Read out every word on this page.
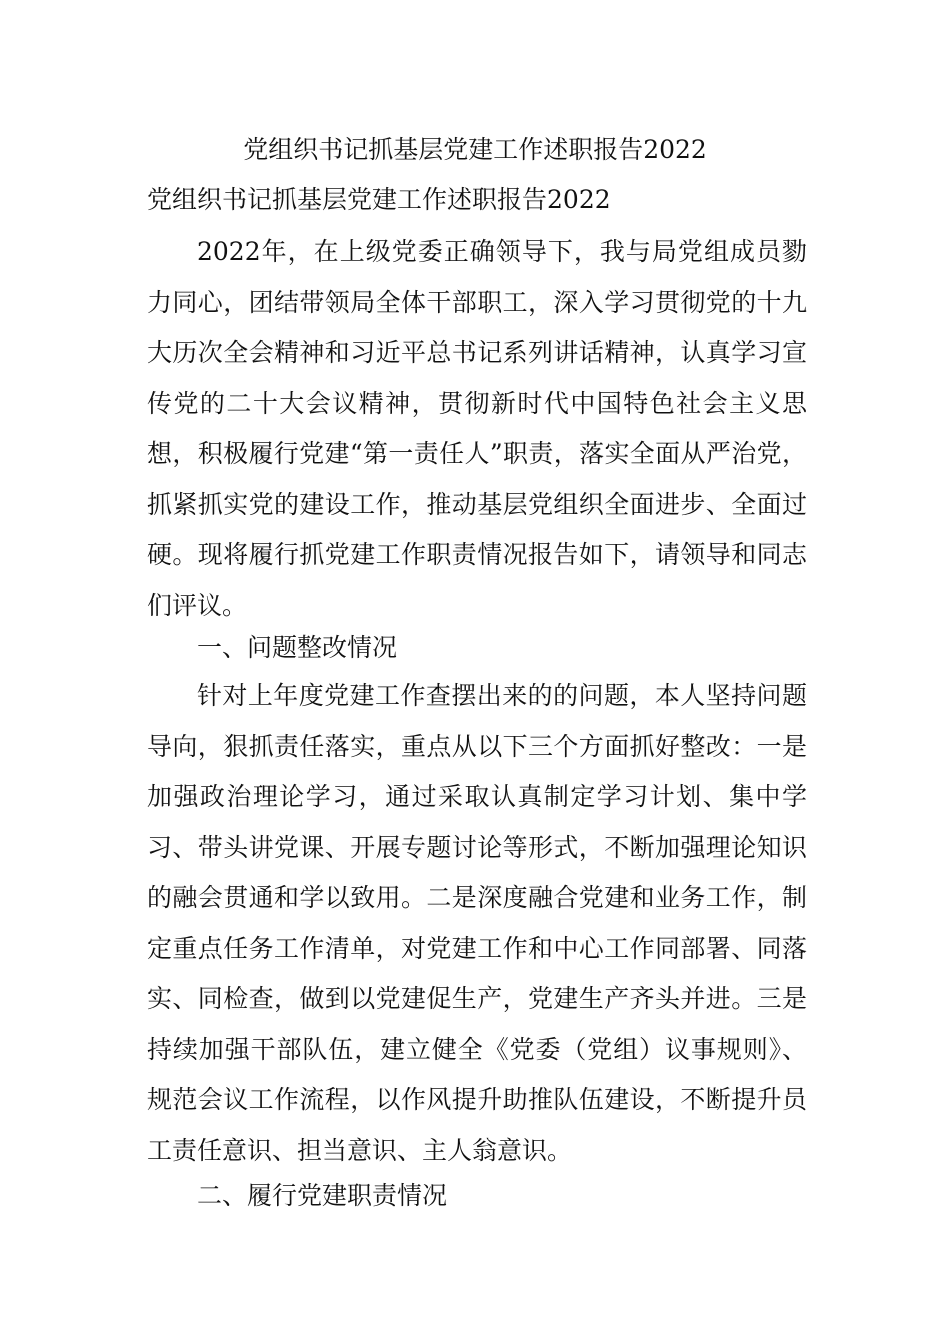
党组织书记抓基层党建工作述职报告2022
党组织书记抓基层党建工作述职报告2022

2022年，在上级党委正确领导下，我与局党组成员勠力同心，团结带领局全体干部职工，深入学习贯彻党的十九大历次全会精神和习近平总书记系列讲话精神，认真学习宣传党的二十大会议精神，贯彻新时代中国特色社会主义思想，积极履行党建“第一责任人”职责，落实全面从严治党，抓紧抓实党的建设工作，推动基层党组织全面进步、全面过硬。现将履行抓党建工作职责情况报告如下，请领导和同志们评议。

一、问题整改情况

针对上年度党建工作查摆出来的的问题，本人坚持问题导向，狠抓责任落实，重点从以下三个方面抓好整改：一是加强政治理论学习，通过采取认真制定学习计划、集中学习、带头讲党课、开展专题讨论等形式，不断加强理论知识的融会贯通和学以致用。二是深度融合党建和业务工作，制定重点任务工作清单，对党建工作和中心工作同部署、同落实、同检查，做到以党建促生产，党建生产齐头并进。三是持续加强干部队伍，建立健全《党委（党组）议事规则》、规范会议工作流程，以作风提升助推队伍建设，不断提升员工责任意识、担当意识、主人翁意识。

二、履行党建职责情况
